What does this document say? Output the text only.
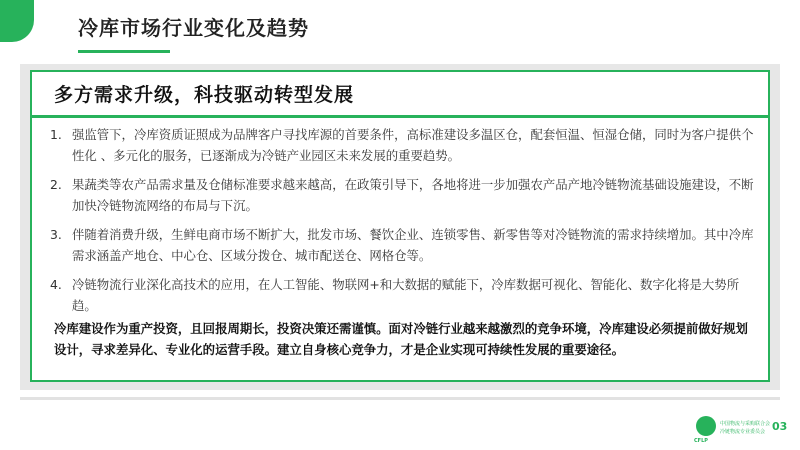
冷库市场行业变化及趋势
多方需求升级，科技驱动转型发展
1. 强监管下，冷库资质证照成为品牌客户寻找库源的首要条件，高标准建设多温区仓，配套恒温、恒湿仓储，同时为客户提供个性化 、多元化的服务，已逐渐成为冷链产业园区未来发展的重要趋势。
2. 果蔬类等农产品需求量及仓储标准要求越来越高，在政策引导下，各地将进一步加强农产品产地冷链物流基础设施建设，不断加快冷链物流网络的布局与下沉。
3. 伴随着消费升级，生鲜电商市场不断扩大，批发市场、餐饮企业、连锁零售、新零售等对冷链物流的需求持续增加。其中冷库需求涵盖产地仓、中心仓、区域分拨仓、城市配送仓、网格仓等。
4. 冷链物流行业深化高技术的应用，在人工智能、物联网+和大数据的赋能下，冷库数据可视化、智能化、数字化将是大势所趋。
冷库建设作为重产投资，且回报周期长，投资决策还需谨慎。面对冷链行业越来越激烈的竞争环境，冷库建设必须提前做好规划设计，寻求差异化、专业化的运营手段。建立自身核心竞争力，才是企业实现可持续性发展的重要途径。
CFLP
中国物流与采购联合会
冷链物流专业委员会 03
